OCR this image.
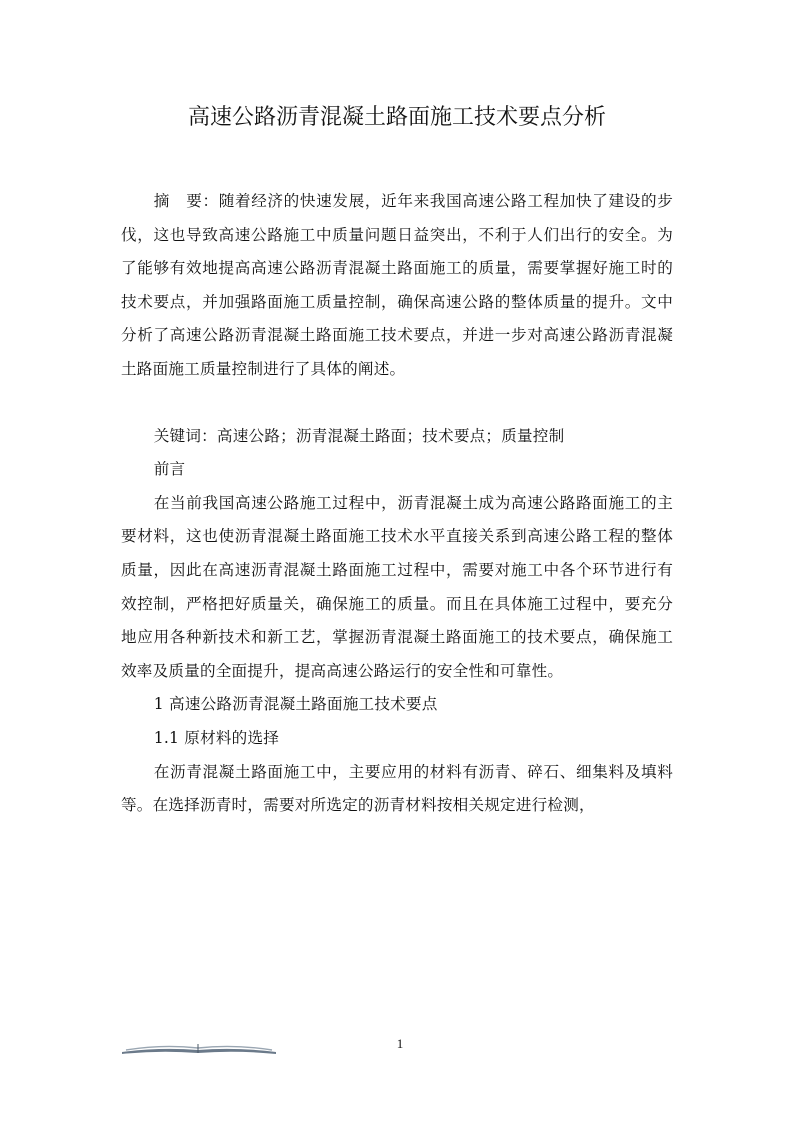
高速公路沥青混凝土路面施工技术要点分析

摘　要：随着经济的快速发展，近年来我国高速公路工程加快了建设的步伐，这也导致高速公路施工中质量问题日益突出，不利于人们出行的安全。为了能够有效地提高高速公路沥青混凝土路面施工的质量，需要掌握好施工时的技术要点，并加强路面施工质量控制，确保高速公路的整体质量的提升。文中分析了高速公路沥青混凝土路面施工技术要点，并进一步对高速公路沥青混凝土路面施工质量控制进行了具体的阐述。

关键词：高速公路；沥青混凝土路面；技术要点；质量控制

前言

在当前我国高速公路施工过程中，沥青混凝土成为高速公路路面施工的主要材料，这也使沥青混凝土路面施工技术水平直接关系到高速公路工程的整体质量，因此在高速沥青混凝土路面施工过程中，需要对施工中各个环节进行有效控制，严格把好质量关，确保施工的质量。而且在具体施工过程中，要充分地应用各种新技术和新工艺，掌握沥青混凝土路面施工的技术要点，确保施工效率及质量的全面提升，提高高速公路运行的安全性和可靠性。

1 高速公路沥青混凝土路面施工技术要点

1.1 原材料的选择

在沥青混凝土路面施工中，主要应用的材料有沥青、碎石、细集料及填料等。在选择沥青时，需要对所选定的沥青材料按相关规定进行检测，

1
